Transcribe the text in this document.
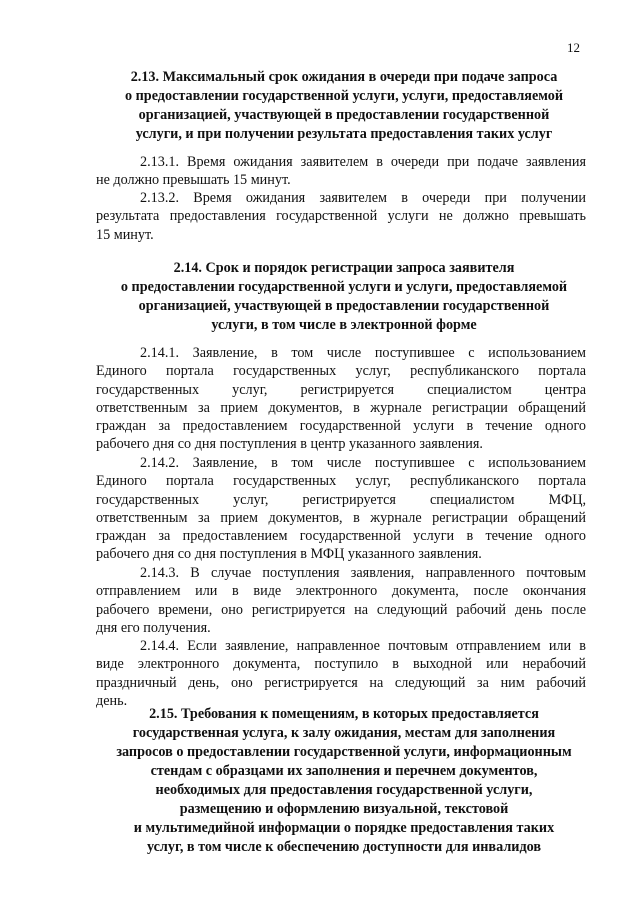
12
2.13. Максимальный срок ожидания в очереди при подаче запроса
о предоставлении государственной услуги, услуги, предоставляемой
организацией, участвующей в предоставлении государственной
услуги, и при получении результата предоставления таких услуг

2.13.1. Время ожидания заявителем в очереди при подаче заявления
не должно превышать 15 минут.

2.13.2. Время ожидания заявителем в очереди при получении
результата предоставления государственной услуги не должно превышать
15 минут.

2.14. Срок и порядок регистрации запроса заявителя
о предоставлении государственной услуги и услуги, предоставляемой
организацией, участвующей в предоставлении государственной
услуги, в том числе в электронной форме

2.14.1. Заявление, в том числе поступившее с использованием
Единого портала государственных услуг, республиканского портала
государственных услуг, регистрируется специалистом центра
ответственным за прием документов, в журнале регистрации обращений
граждан за предоставлением государственной услуги в течение одного
рабочего дня со дня поступления в центр указанного заявления.

2.14.2. Заявление, в том числе поступившее с использованием
Единого портала государственных услуг, республиканского портала
государственных услуг, регистрируется специалистом МФЦ,
ответственным за прием документов, в журнале регистрации обращений
граждан за предоставлением государственной услуги в течение одного
рабочего дня со дня поступления в МФЦ указанного заявления.

2.14.3. В случае поступления заявления, направленного почтовым
отправлением или в виде электронного документа, после окончания
рабочего времени, оно регистрируется на следующий рабочий день после
дня его получения.

2.14.4. Если заявление, направленное почтовым отправлением или в
виде электронного документа, поступило в выходной или нерабочий
праздничный день, оно регистрируется на следующий за ним рабочий
день.

2.15. Требования к помещениям, в которых предоставляется
государственная услуга, к залу ожидания, местам для заполнения
запросов о предоставлении государственной услуги, информационным
стендам с образцами их заполнения и перечнем документов,
необходимых для предоставления государственной услуги,
размещению и оформлению визуальной, текстовой
и мультимедийной информации о порядке предоставления таких
услуг, в том числе к обеспечению доступности для инвалидов
